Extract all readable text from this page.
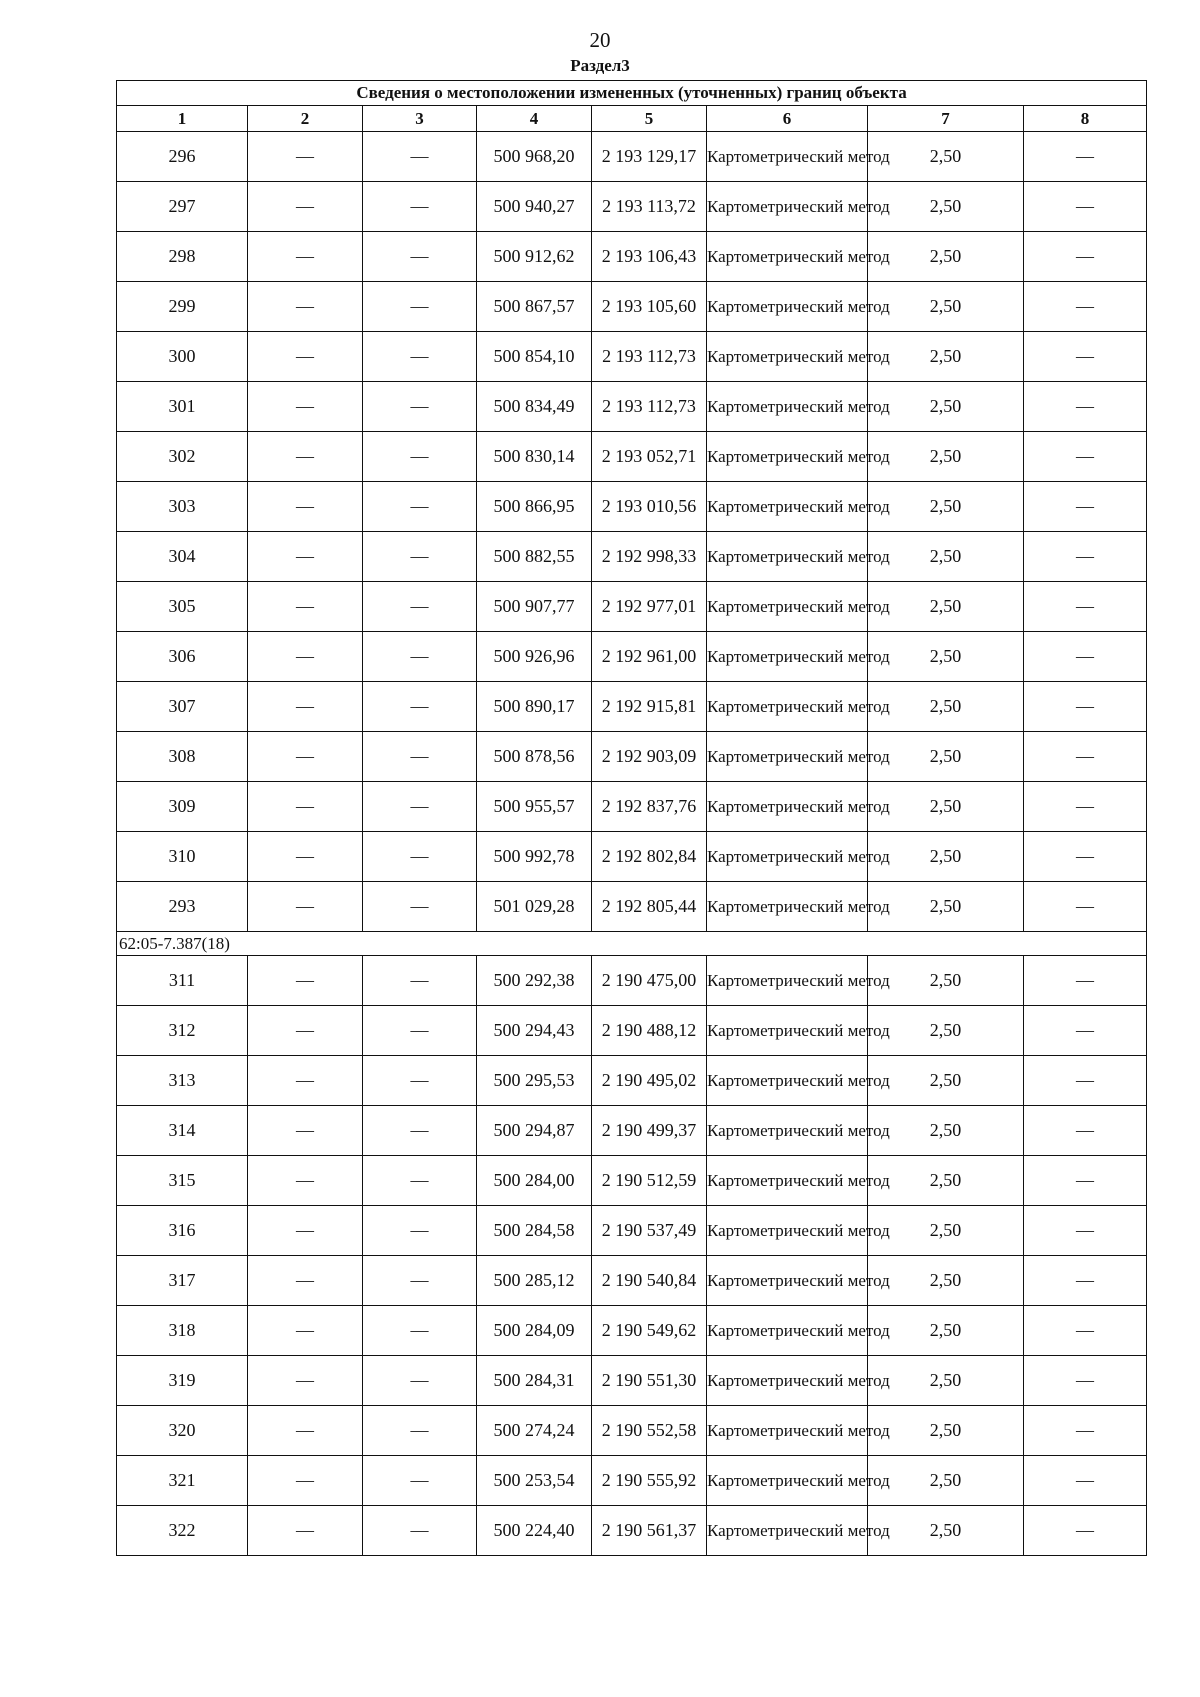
20
Раздел3
Сведения о местоположении измененных (уточненных) границ объекта							
1	2	3	4	5	6	7	8
296	—	—	500 968,20	2 193 129,17	Картометрический метод	2,50	—
297	—	—	500 940,27	2 193 113,72	Картометрический метод	2,50	—
298	—	—	500 912,62	2 193 106,43	Картометрический метод	2,50	—
299	—	—	500 867,57	2 193 105,60	Картометрический метод	2,50	—
300	—	—	500 854,10	2 193 112,73	Картометрический метод	2,50	—
301	—	—	500 834,49	2 193 112,73	Картометрический метод	2,50	—
302	—	—	500 830,14	2 193 052,71	Картометрический метод	2,50	—
303	—	—	500 866,95	2 193 010,56	Картометрический метод	2,50	—
304	—	—	500 882,55	2 192 998,33	Картометрический метод	2,50	—
305	—	—	500 907,77	2 192 977,01	Картометрический метод	2,50	—
306	—	—	500 926,96	2 192 961,00	Картометрический метод	2,50	—
307	—	—	500 890,17	2 192 915,81	Картометрический метод	2,50	—
308	—	—	500 878,56	2 192 903,09	Картометрический метод	2,50	—
309	—	—	500 955,57	2 192 837,76	Картометрический метод	2,50	—
310	—	—	500 992,78	2 192 802,84	Картометрический метод	2,50	—
293	—	—	501 029,28	2 192 805,44	Картометрический метод	2,50	—
62:05-7.387(18)							
311	—	—	500 292,38	2 190 475,00	Картометрический метод	2,50	—
312	—	—	500 294,43	2 190 488,12	Картометрический метод	2,50	—
313	—	—	500 295,53	2 190 495,02	Картометрический метод	2,50	—
314	—	—	500 294,87	2 190 499,37	Картометрический метод	2,50	—
315	—	—	500 284,00	2 190 512,59	Картометрический метод	2,50	—
316	—	—	500 284,58	2 190 537,49	Картометрический метод	2,50	—
317	—	—	500 285,12	2 190 540,84	Картометрический метод	2,50	—
318	—	—	500 284,09	2 190 549,62	Картометрический метод	2,50	—
319	—	—	500 284,31	2 190 551,30	Картометрический метод	2,50	—
320	—	—	500 274,24	2 190 552,58	Картометрический метод	2,50	—
321	—	—	500 253,54	2 190 555,92	Картометрический метод	2,50	—
322	—	—	500 224,40	2 190 561,37	Картометрический метод	2,50	—
